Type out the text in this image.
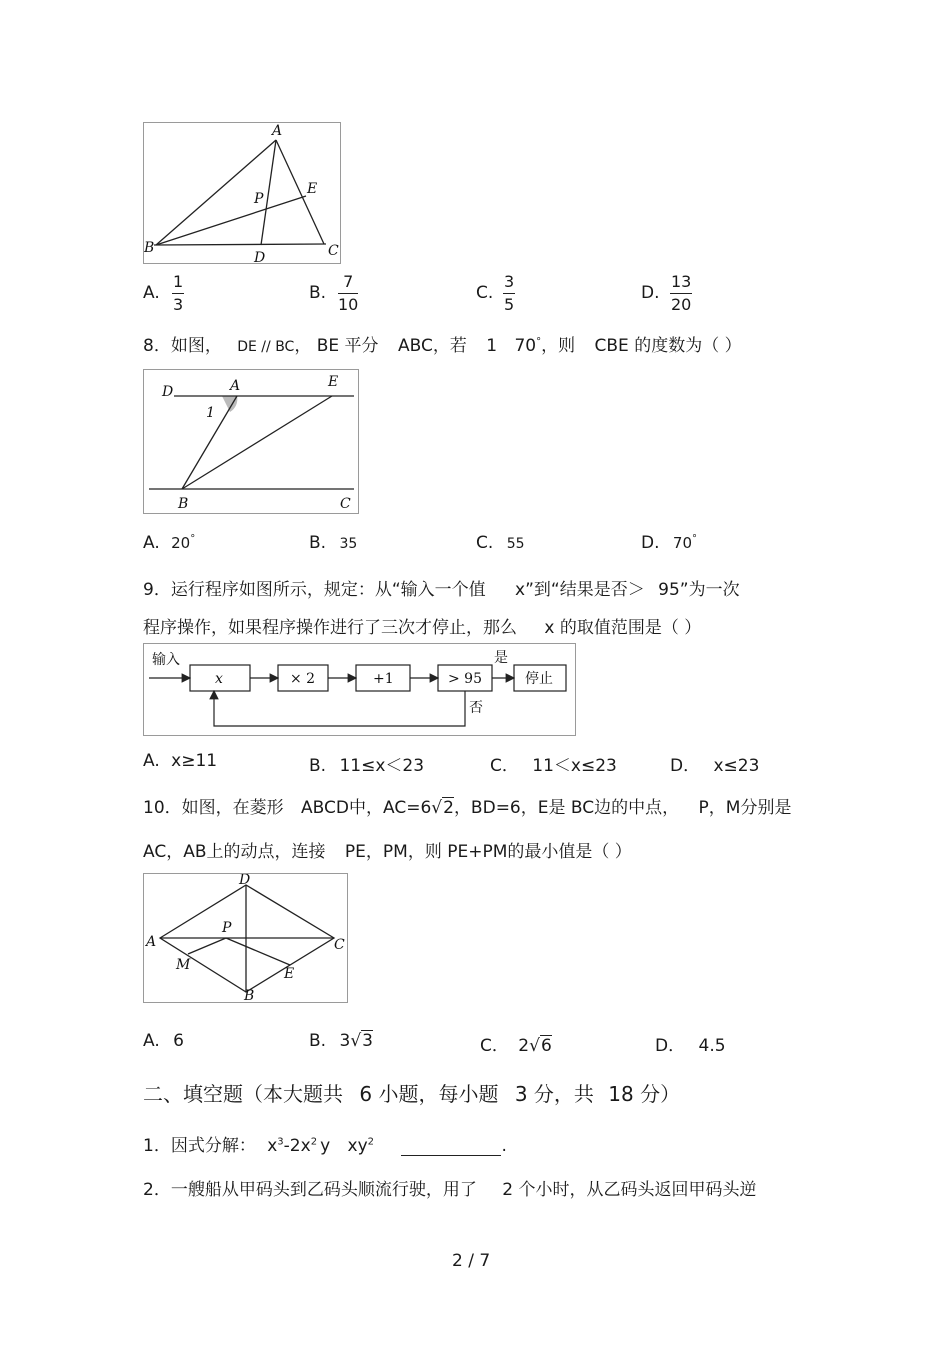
A
B	C
D
E
P
A. $\frac{1}{3}$	B. $\frac{7}{10}$	C. $\frac{3}{5}$	D. $\frac{13}{20}$
8．如图， DE // BC， BE 平分 ABC，若 1 70°，则 CBE 的度数为（ ）
D	A	E
1
B	C
A. 20°	B. 35	C. 55	D. 70°
9．运行程序如图所示，规定：从“输入一个值 x”到“结果是否＞ 95”为一次
程序操作，如果程序操作进行了三次才停止，那么 x 的取值范围是（ ）
输入
x	× 2	+1	> 95
是
停止
否
A. x≥11	B. 11≤x＜23	C． 11＜x≤23	D． x≤23
10．如图，在菱形 ABCD中，AC=6√2，BD=6，E是 BC边的中点， P，M分别是
AC，AB上的动点，连接 PE，PM，则 PE+PM的最小值是（ ）
A
D
C
B
P
M
E
A. 6	B. 3√3	C． 2√6	D． 4.5
二、填空题（本大题共 6 小题，每小题 3 分，共 18 分）
1．因式分解： $x^3-2x^2$ y $xy^2$	.
2．一艘船从甲码头到乙码头顺流行驶，用了 2 个小时，从乙码头返回甲码头逆
2 / 7
